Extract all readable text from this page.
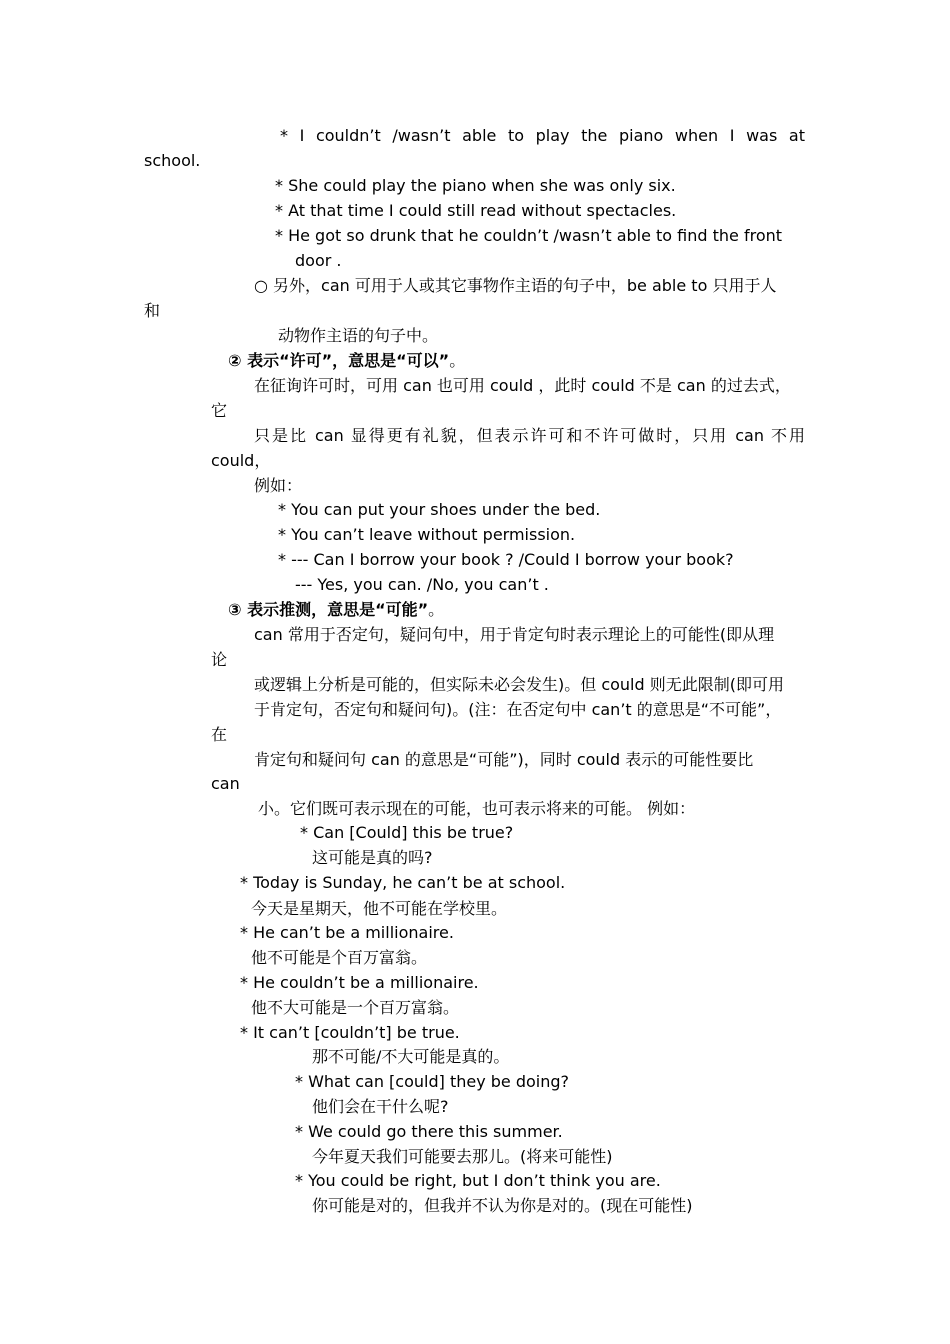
* I couldn’t /wasn’t able to play the piano when I was at
school.
* She could play the piano when she was only six.
* At that time I could still read without spectacles.
* He got so drunk that he couldn’t /wasn’t able to find the front
door .
○ 另外，can 可用于人或其它事物作主语的句子中，be able to 只用于人
和
动物作主语的句子中。
② 表示“许可”，意思是“可以”。
在征询许可时，可用 can 也可用 could ，此时 could 不是 can 的过去式，
它
只是比 can 显得更有礼貌，但表示许可和不许可做时，只用 can 不用
could，
例如：
* You can put your shoes under the bed.
* You can’t leave without permission.
* --- Can I borrow your book ? /Could I borrow your book?
--- Yes, you can. /No, you can’t .
③ 表示推测，意思是“可能”。
can 常用于否定句，疑问句中，用于肯定句时表示理论上的可能性(即从理
论
或逻辑上分析是可能的，但实际未必会发生)。但 could 则无此限制(即可用
于肯定句，否定句和疑问句)。(注：在否定句中 can’t 的意思是“不可能”，
在
肯定句和疑问句 can 的意思是“可能”)，同时 could 表示的可能性要比
can
小。它们既可表示现在的可能，也可表示将来的可能。 例如：
* Can [Could] this be true?
这可能是真的吗?
* Today is Sunday, he can’t be at school.
今天是星期天，他不可能在学校里。
* He can’t be a millionaire.
他不可能是个百万富翁。
* He couldn’t be a millionaire.
他不大可能是一个百万富翁。
* It can’t [couldn’t] be true.
那不可能/不大可能是真的。
* What can [could] they be doing?
他们会在干什么呢?
* We could go there this summer.
今年夏天我们可能要去那儿。(将来可能性)
* You could be right, but I don’t think you are.
你可能是对的，但我并不认为你是对的。(现在可能性)
